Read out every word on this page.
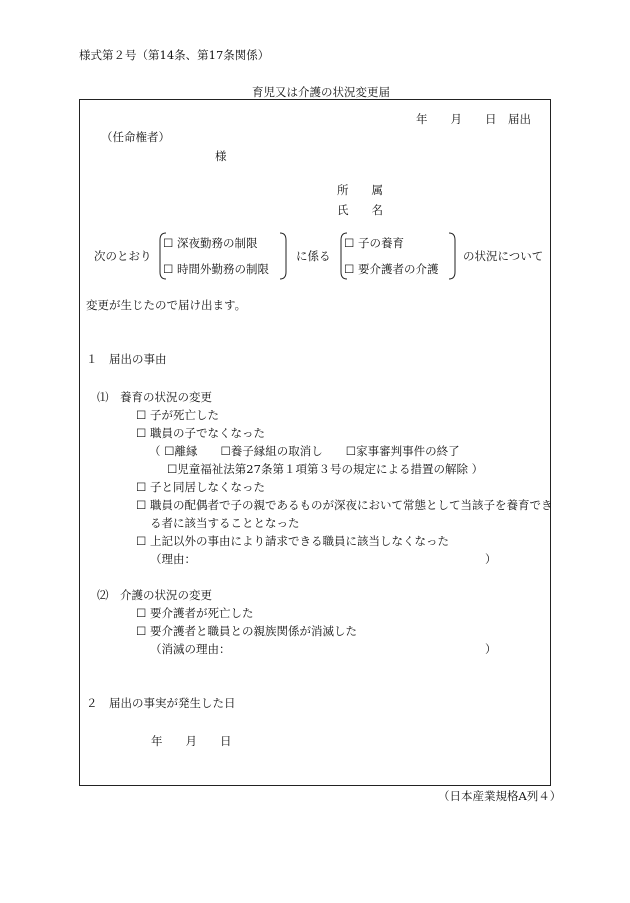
様式第２号（第14条、第17条関係）
育児又は介護の状況変更届
年　　月　　日　届出
（任命権者）
様
所　　属
氏　　名
次のとおり
☐ 深夜勤務の制限
☐ 時間外勤務の制限
に係る
☐ 子の養育
☐ 要介護者の介護
の状況について
変更が生じたので届け出ます。
１　届出の事由
⑴　養育の状況の変更
☐ 子が死亡した
☐ 職員の子でなくなった
（ ☐離縁　　☐養子縁組の取消し　　☐家事審判事件の終了
☐児童福祉法第27条第１項第３号の規定による措置の解除 ）
☐ 子と同居しなくなった
☐ 職員の配偶者で子の親であるものが深夜において常態として当該子を養育でき
る者に該当することとなった
☐ 上記以外の事由により請求できる職員に該当しなくなった
（理由：	）
⑵　介護の状況の変更
☐ 要介護者が死亡した
☐ 要介護者と職員との親族関係が消滅した
（消滅の理由：	）
２　届出の事実が発生した日
年　　月　　日
（日本産業規格A列４）
